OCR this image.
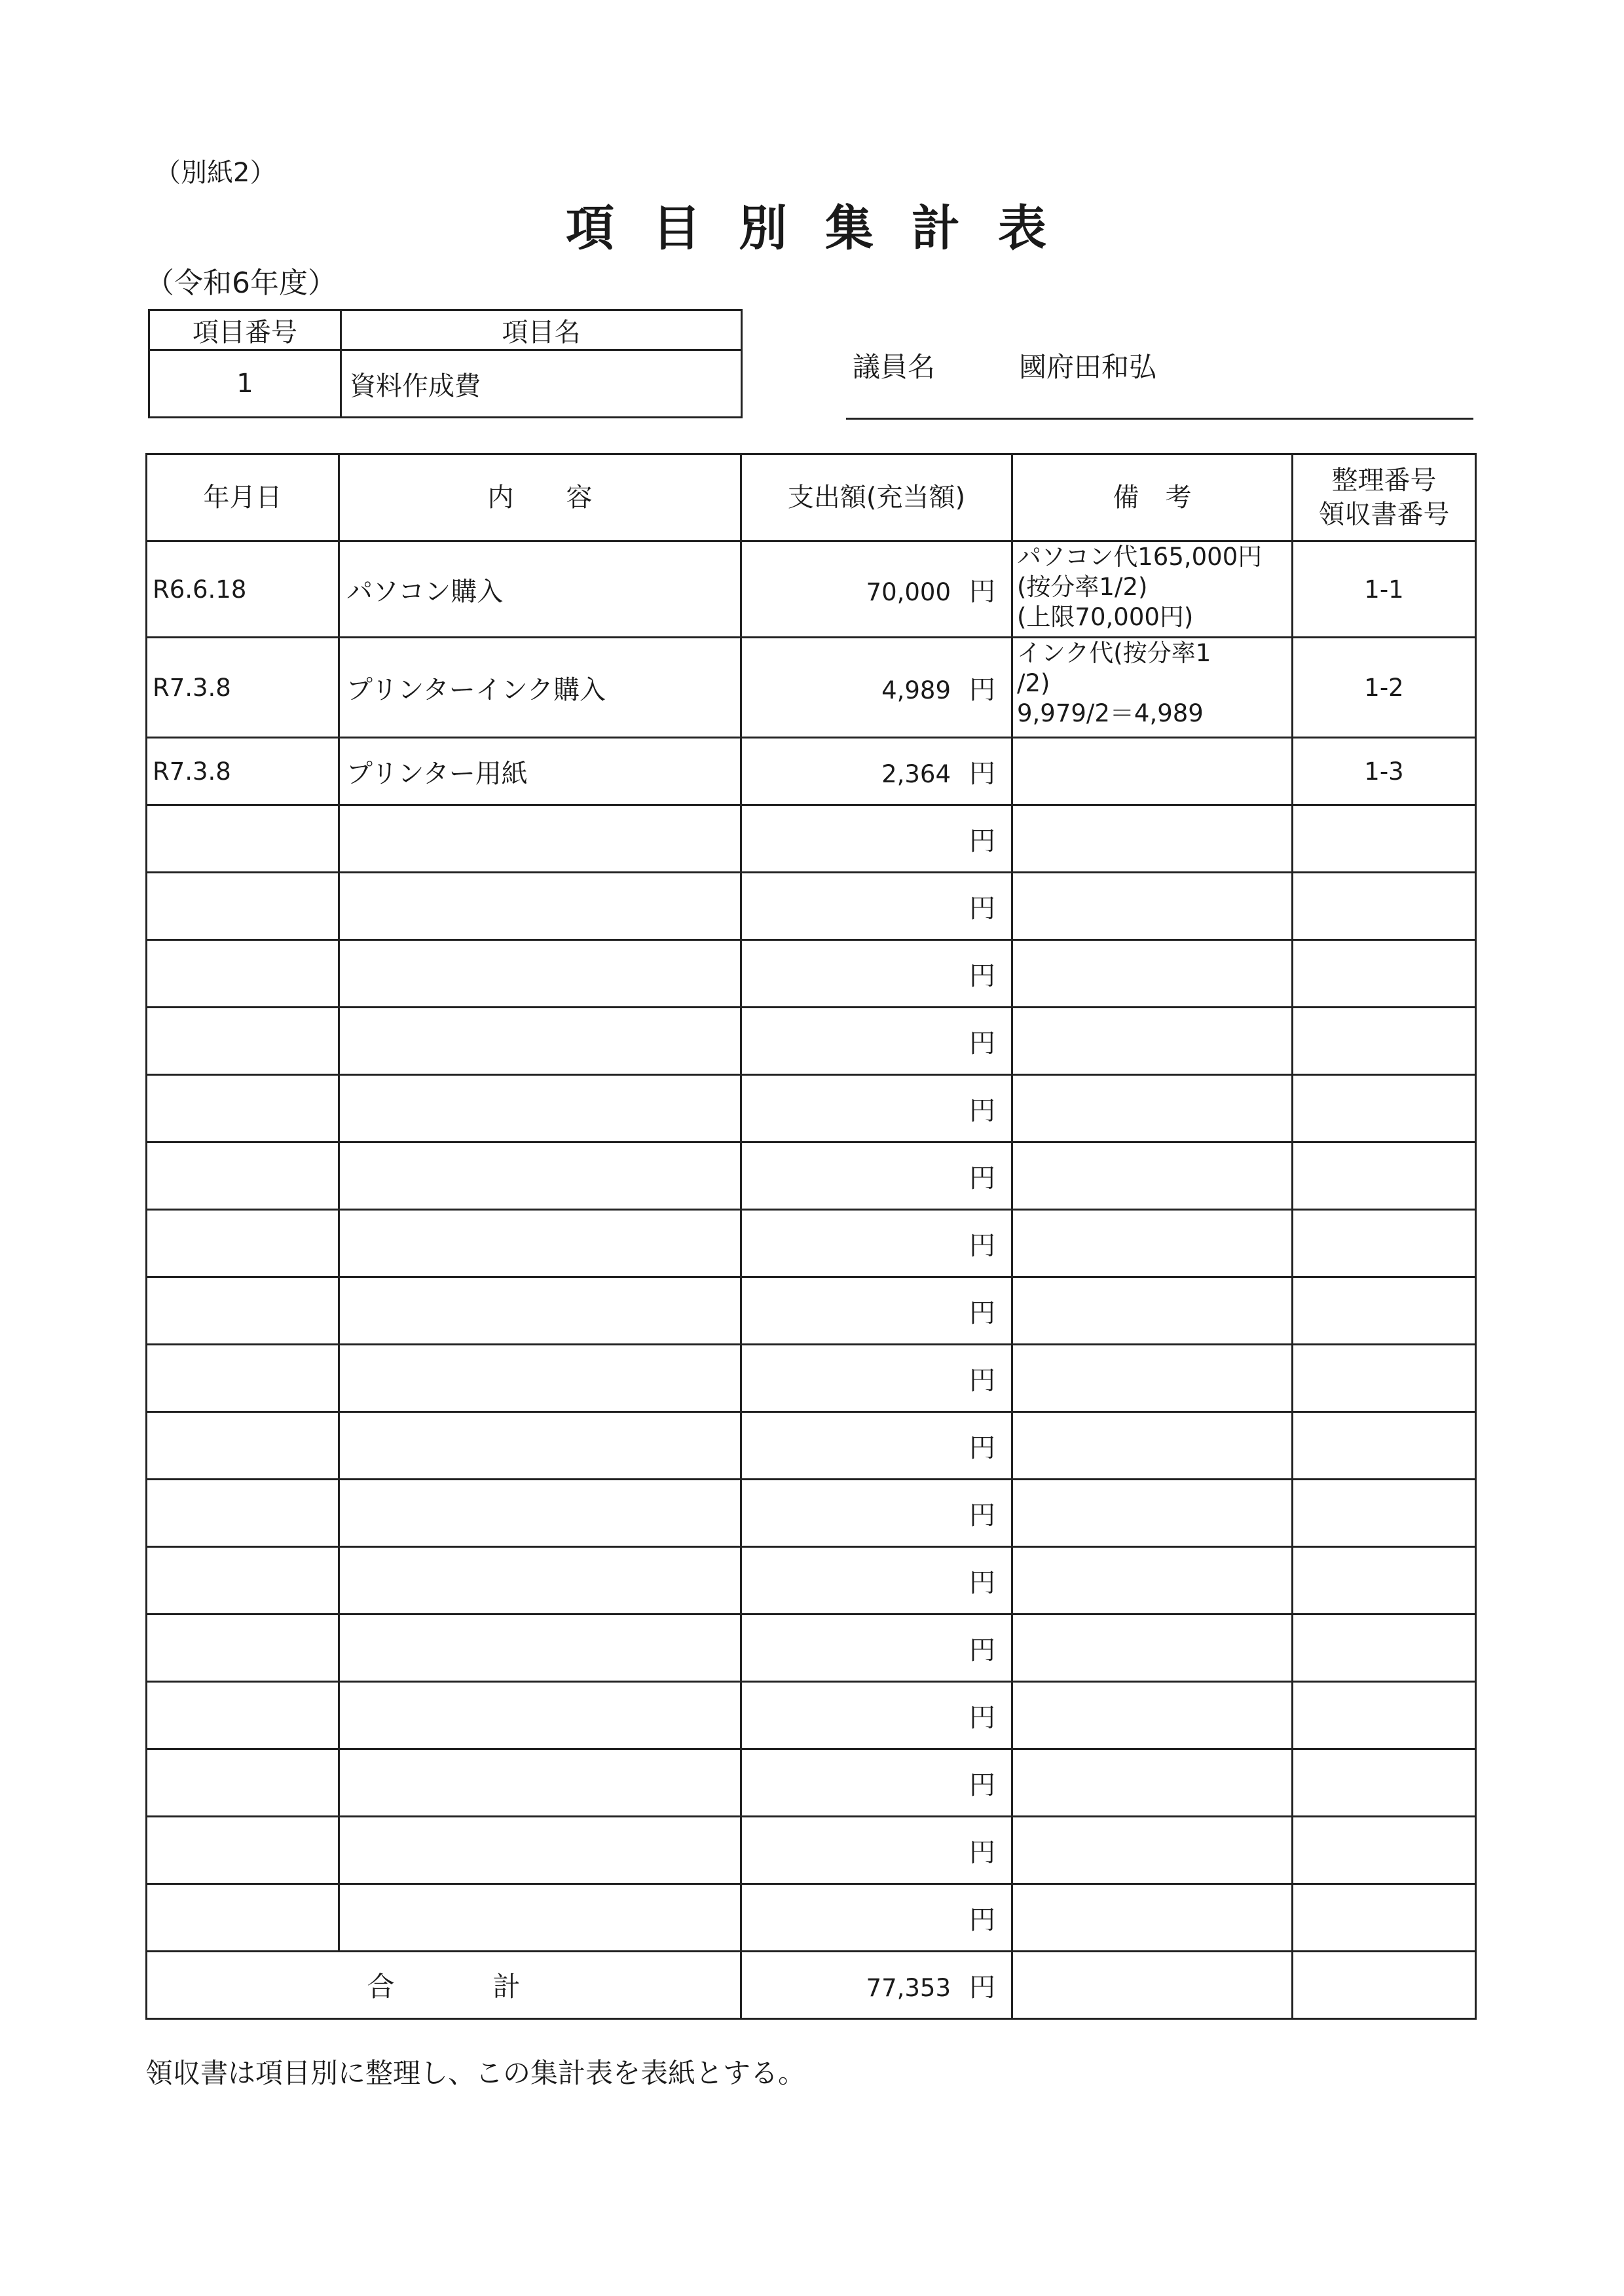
（別紙2）
項目別集計表
（令和6年度）
項目番号	項目名
1	資料作成費
議員名	國府田和弘
年月日	内　　容	支出額(充当額)	備　考	整理番号
領収書番号

R6.6.18	パソコン購入	70,000 円	パソコン代165,000円
(按分率1/2)
(上限70,000円)	1-1
R7.3.8	プリンターインク購入	4,989 円	インク代(按分率1
/2)
9,979/2＝4,989	1-2
R7.3.8	プリンター用紙	2,364 円		1-3
		円		
		円		
		円		
		円		
		円		
		円		
		円		
		円		
		円		
		円		
		円		
		円		
		円		
		円		
		円		
		円		
		円		
合計		77,353 円		
領収書は項目別に整理し、この集計表を表紙とする。
